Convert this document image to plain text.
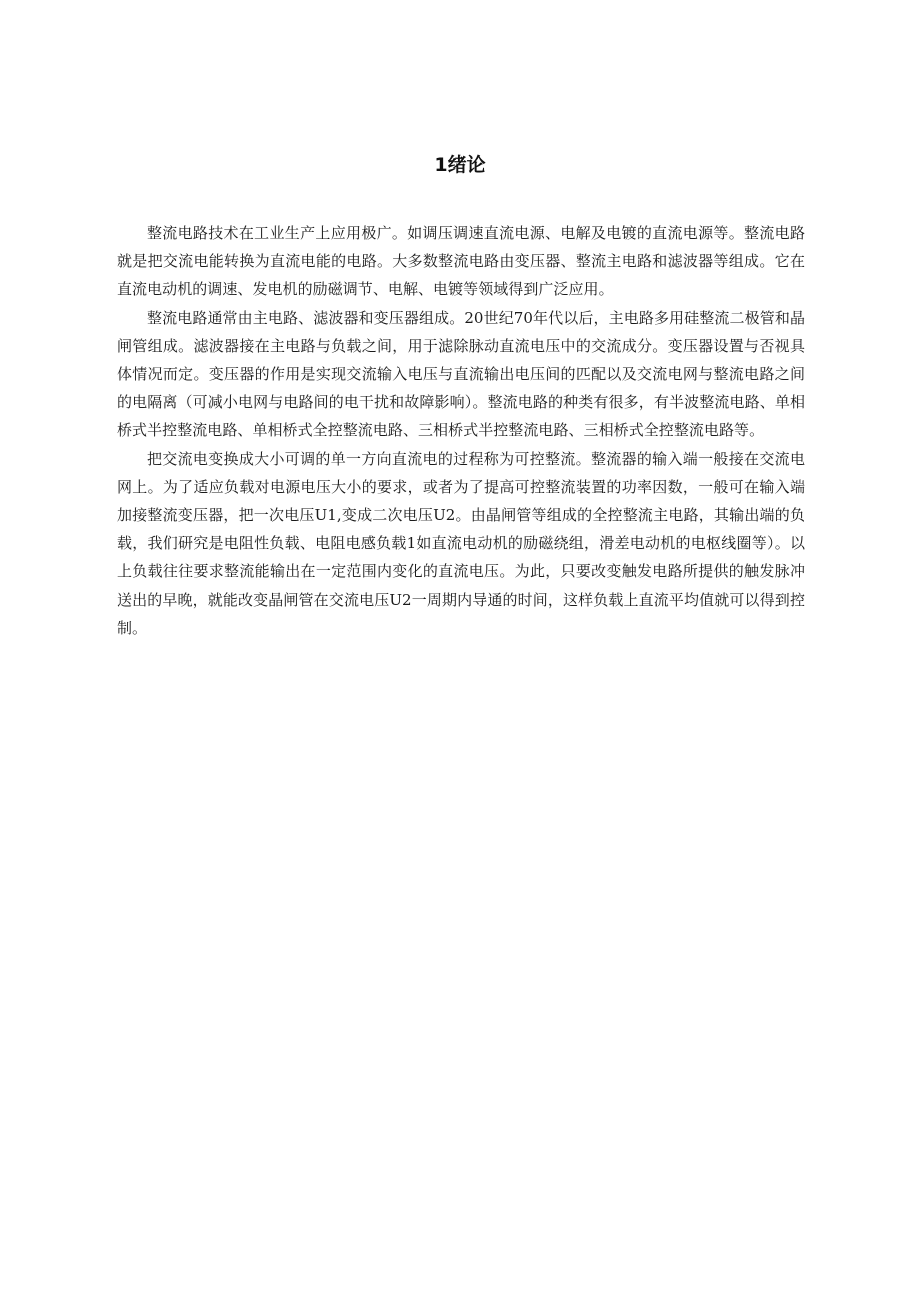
1绪论

整流电路技术在工业生产上应用极广。如调压调速直流电源、电解及电镀的直流电源等。整流电路就是把交流电能转换为直流电能的电路。大多数整流电路由变压器、整流主电路和滤波器等组成。它在直流电动机的调速、发电机的励磁调节、电解、电镀等领域得到广泛应用。

整流电路通常由主电路、滤波器和变压器组成。20世纪70年代以后，主电路多用硅整流二极管和晶闸管组成。滤波器接在主电路与负载之间，用于滤除脉动直流电压中的交流成分。变压器设置与否视具体情况而定。变压器的作用是实现交流输入电压与直流输出电压间的匹配以及交流电网与整流电路之间的电隔离（可减小电网与电路间的电干扰和故障影响）。整流电路的种类有很多，有半波整流电路、单相桥式半控整流电路、单相桥式全控整流电路、三相桥式半控整流电路、三相桥式全控整流电路等。

把交流电变换成大小可调的单一方向直流电的过程称为可控整流。整流器的输入端一般接在交流电网上。为了适应负载对电源电压大小的要求，或者为了提高可控整流装置的功率因数，一般可在输入端加接整流变压器，把一次电压U1,变成二次电压U2。由晶闸管等组成的全控整流主电路，其输出端的负载，我们研究是电阻性负载、电阻电感负载1如直流电动机的励磁绕组，滑差电动机的电枢线圈等）。以上负载往往要求整流能输出在一定范围内变化的直流电压。为此，只要改变触发电路所提供的触发脉冲送出的早晚，就能改变晶闸管在交流电压U2一周期内导通的时间，这样负载上直流平均值就可以得到控制。
